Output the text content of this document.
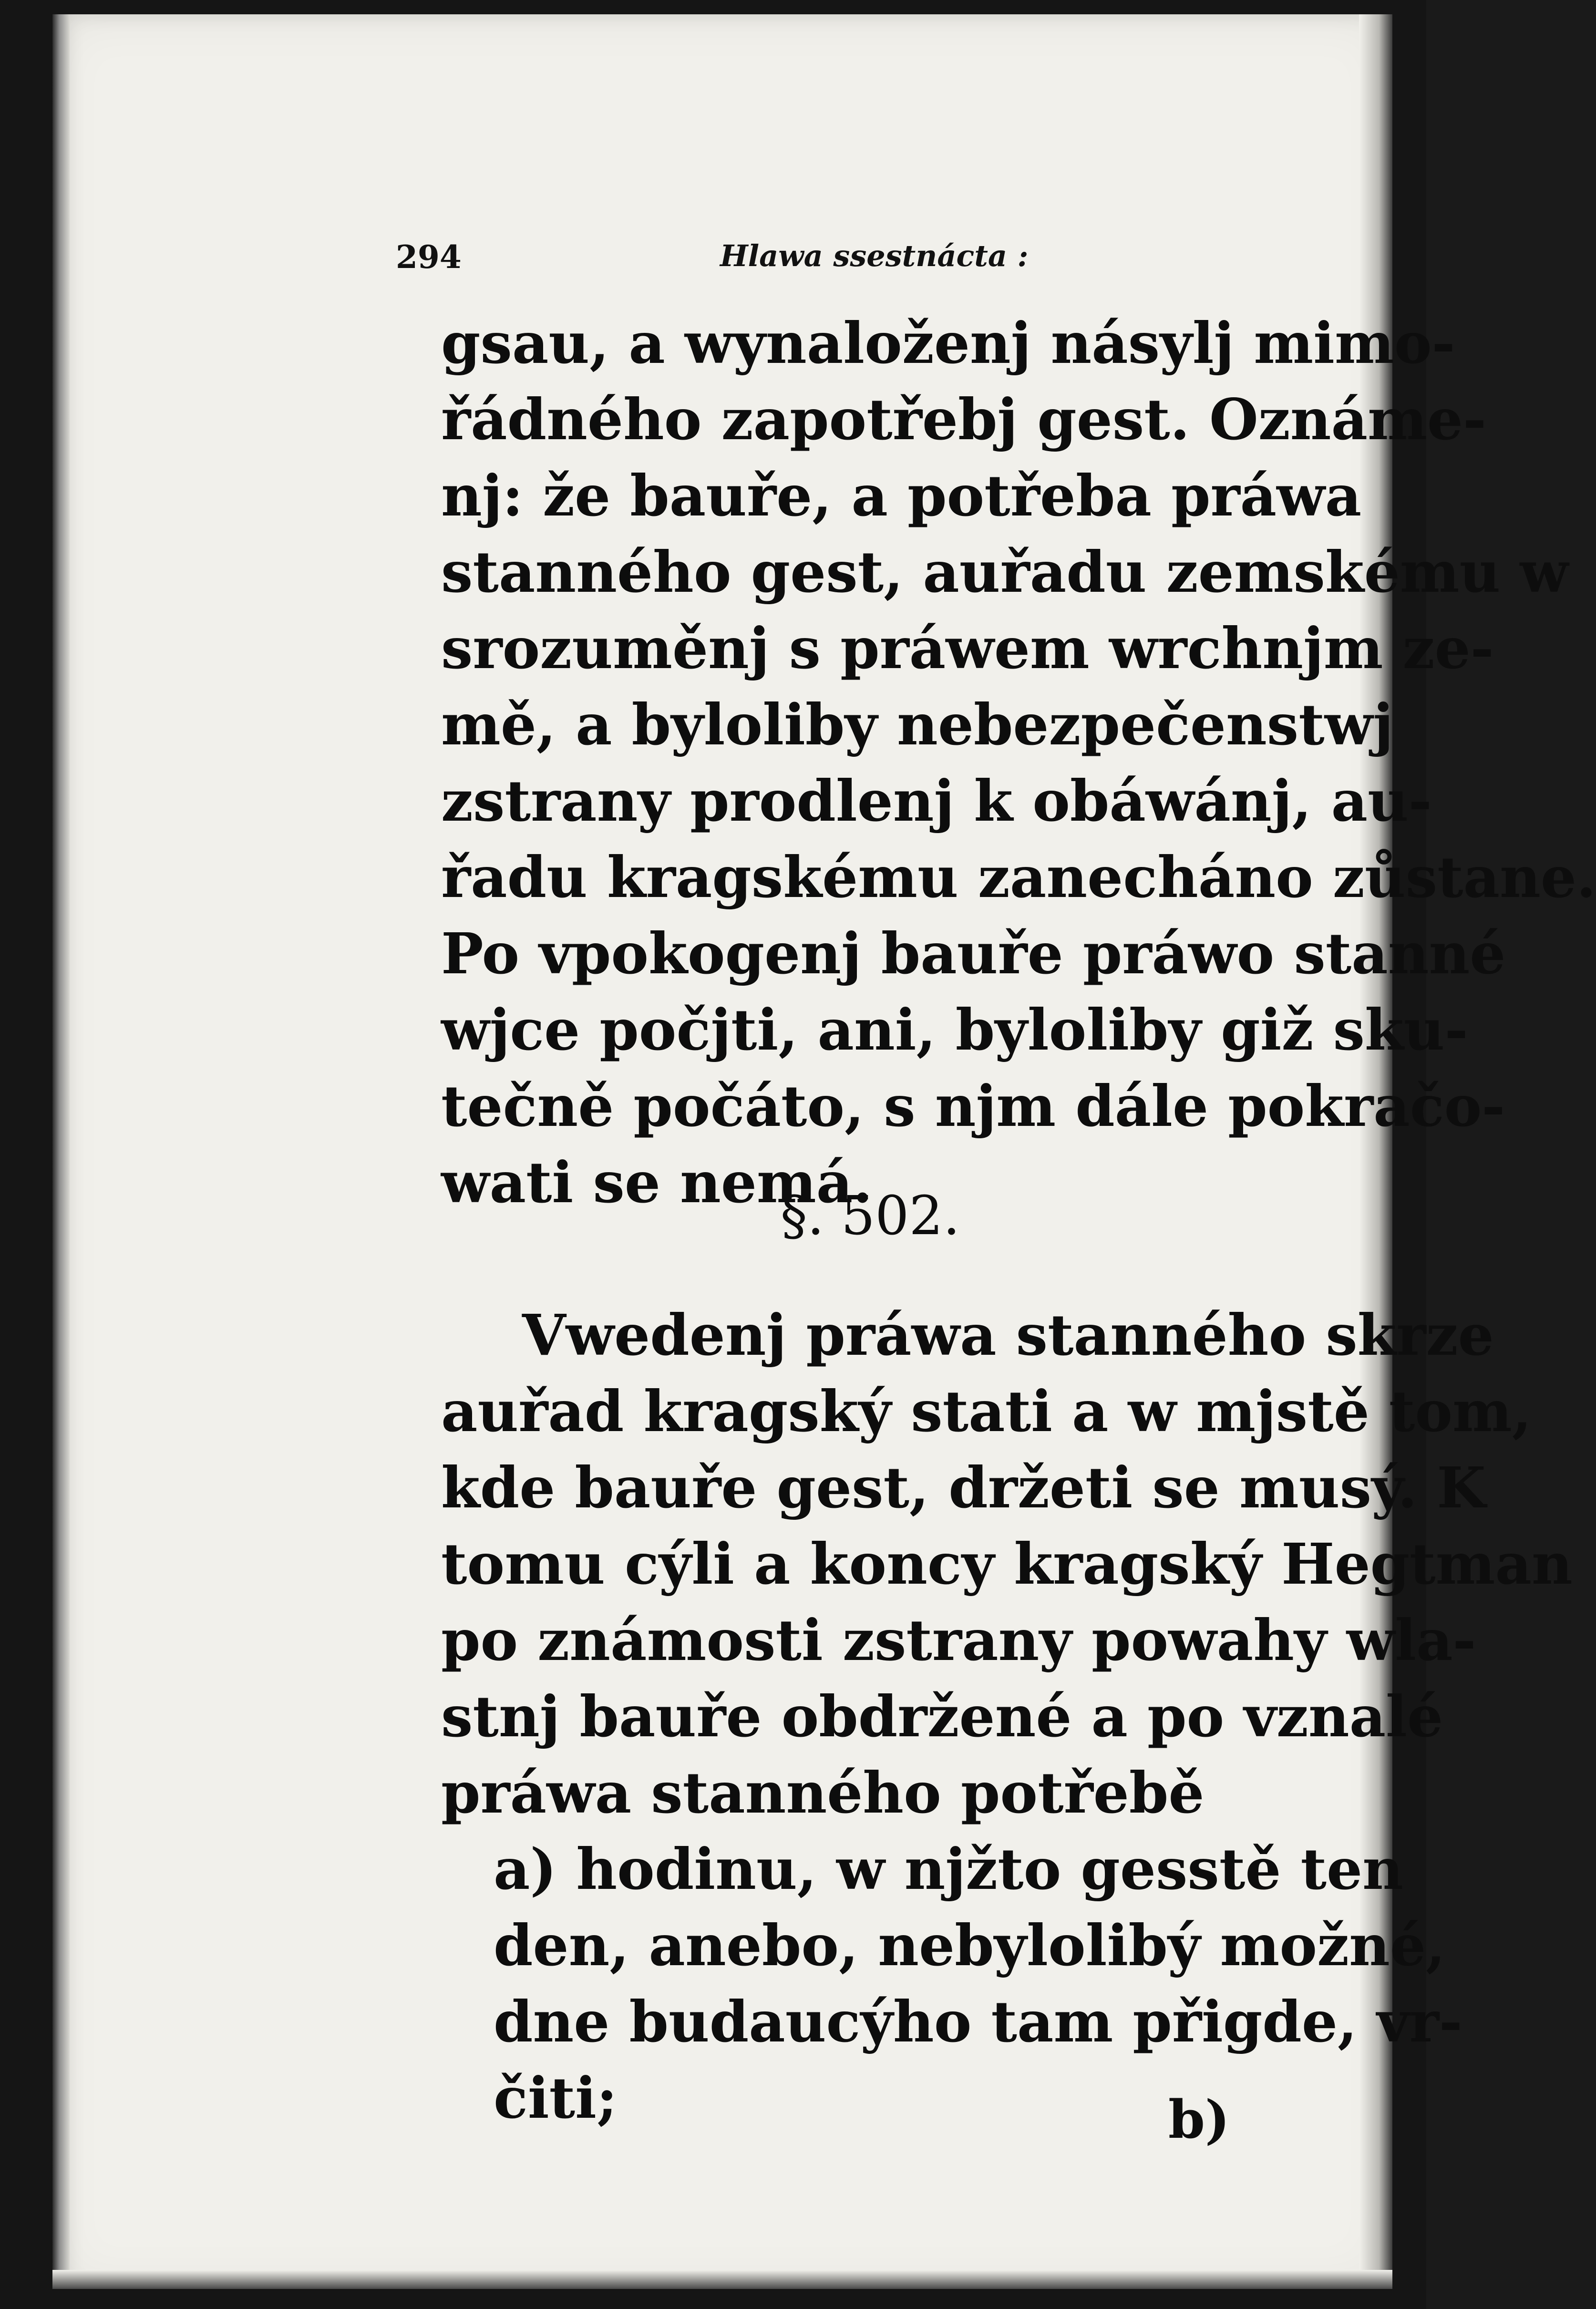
294	Hlawa ssestnácta :
gsau, a wynaloženj násylj mimo-
řádného zapotřebj gest. Oznáme-
nj: že bauře, a potřeba práwa
stanného gest, auřadu zemskému w
srozuměnj s práwem wrchnjm ze-
mě, a bylolіby nebezpečenstwj
zstrany prodlenj k obáwánj, au-
řadu kragskému zanecháno zůstane.
Po vpokogenj bauře práwo stanné
wjce počjti, ani, bylolіby giž sku-
tečně počáto, s njm dále pokračo-
wati se nemá.
§. 502.
Vwedenj práwa stanného skrze
auřad kragský stati a w mjstě tom,
kde bauře gest, držeti se musý. K
tomu cýli a koncy kragský Hegtman
po známosti zstrany powahy wla-
stnj bauře obdržené a po vznalé
práwa stanného potřebě
a) hodinu, w njžto gesstě ten
den, anebo, nebylolіbý možné,
dne budaucýho tam přigde, vr-
čiti;	b)
